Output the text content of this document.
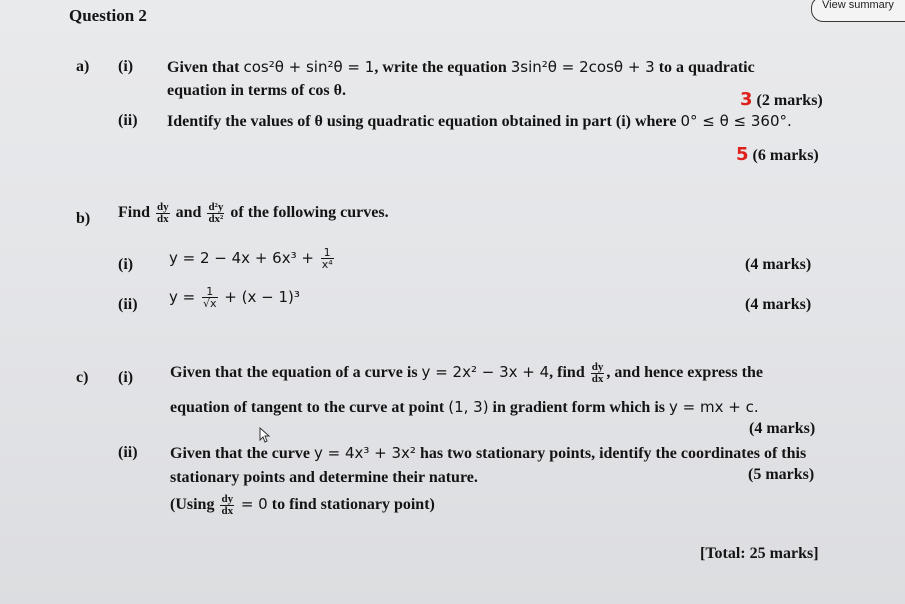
Question 2
View summary
a) (i) Given that cos²θ + sin²θ = 1, write the equation 3sin²θ = 2cosθ + 3 to a quadratic
equation in terms of cos θ.	3 (2 marks)
(ii) Identify the values of θ using quadratic equation obtained in part (i) where 0° ≤ θ ≤ 360°.
5 (6 marks)
b) Find $\frac{dy}{dx}$ and $\frac{\text{d²y}}{\text{dx²}}$ of the following curves.
(i) $y = 2 - 4x + 6x^3 + \frac{1}{\text{x⁴}}$	(4 marks)
(ii) $y = \frac{1}{√x} + (x - 1)^3$	(4 marks)
c) (i) Given that the equation of a curve is y = 2x² − 3x + 4, find $\frac{dy}{dx}$ , and hence express the
equation of tangent to the curve at point (1, 3) in gradient form which is y = mx + c.
(4 marks)
(ii) Given that the curve y = 4x³ + 3x² has two stationary points, identify the coordinates of this
stationary points and determine their nature.	(5 marks)
($Using \frac{dy}{dx} = 0$ to find stationary point)
[Total: 25 marks]
